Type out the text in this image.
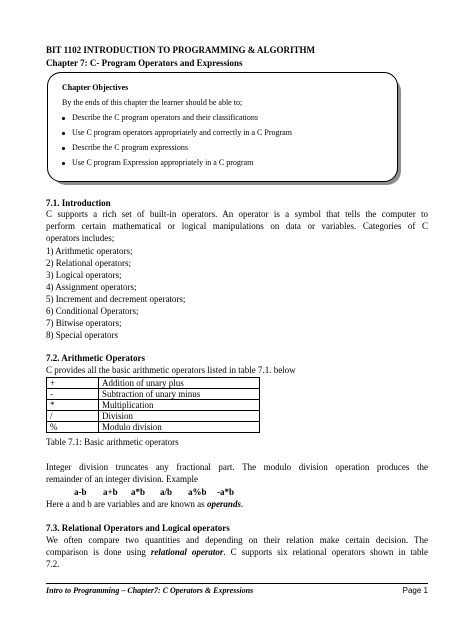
BIT 1102 INTRODUCTION TO PROGRAMMING & ALGORITHM
Chapter 7: C- Program Operators and Expressions
Chapter Objectives
By the ends of this chapter the learner should be able to;
Describe the C program operators and their classifications
Use C program operators appropriately and correctly in a C Program
Describe the C program expressions
Use C program Expression appropriately in a C program
7.1. Introduction
C supports a rich set of built-in operators. An operator is a symbol that tells the computer to
perform certain mathematical or logical manipulations on data or variables. Categories of C
operators includes;
1) Arithmetic operators;
2) Relational operators;
3) Logical operators;
4) Assignment operators;
5) Increment and decrement operators;
6) Conditional Operators;
7) Bitwise operators;
8) Special operators
7.2. Arithmetic Operators
C provides all the basic arithmetic operators listed in table 7.1. below
+	Addition of unary plus
-	Subtraction of unary minus
*	Multiplication
/	Division
%	Modulo division
Table 7.1: Basic arithmetic operators
Integer division truncates any fractional part. The modulo division operation produces the
remainder of an integer division. Example
a-b a+b a*b a/b a%b -a*b
Here a and b are variables and are known as operands.
7.3. Relational Operators and Logical operators
We often compare two quantities and depending on their relation make certain decision. The
comparison is done using relational operator. C supports six relational operators shown in table
7.2.
Intro to Programming – Chapter7: C Operators & Expressions	Page 1
